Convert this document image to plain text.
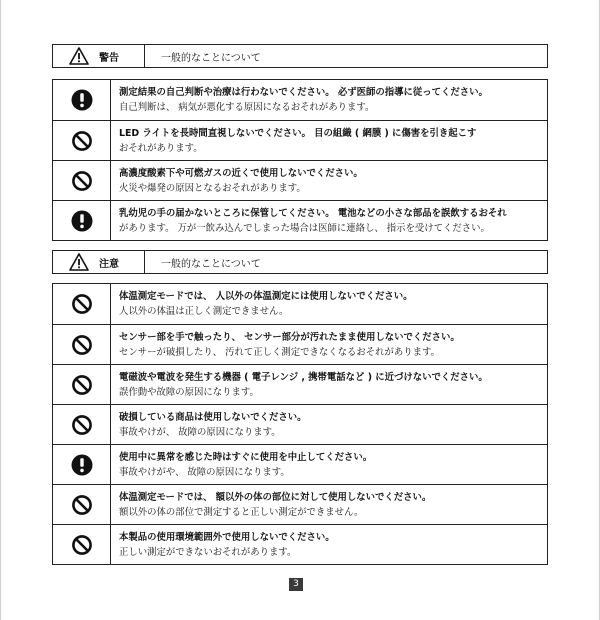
警告	一般的なことについて
測定結果の自己判断や治療は行わないでください。 必ず医師の指導に従ってください。
自己判断は、 病気が悪化する原因になるおそれがあります。
LED ライトを長時間直視しないでください。 目の組織 ( 網膜 ) に傷害を引き起こす
おそれがあります。
高濃度酸素下や可燃ガスの近くで使用しないでください。
火災や爆発の原因となるおそれがあります。
乳幼児の手の届かないところに保管してください。 電池などの小さな部品を誤飲するおそれ
があります。 万が一飲み込んでしまった場合は医師に連絡し、 指示を受けてください。
注意	一般的なことについて
体温測定モードでは、 人以外の体温測定には使用しないでください。
人以外の体温は正しく測定できません。
センサー部を手で触ったり、 センサー部分が汚れたまま使用しないでください。
センサーが破損したり、 汚れて正しく測定できなくなるおそれがあります。
電磁波や電波を発生する機器 ( 電子レンジ , 携帯電話など ) に近づけないでください。
誤作動や故障の原因になります。
破損している商品は使用しないでください。
事故やけが、 故障の原因になります。
使用中に異常を感じた時はすぐに使用を中止してください。
事故やけがや、 故障の原因になります。
体温測定モードでは、 額以外の体の部位に対して使用しないでください。
額以外の体の部位で測定すると正しい測定ができません。
本製品の使用環境範囲外で使用しないでください。
正しい測定ができないおそれがあります。
3
